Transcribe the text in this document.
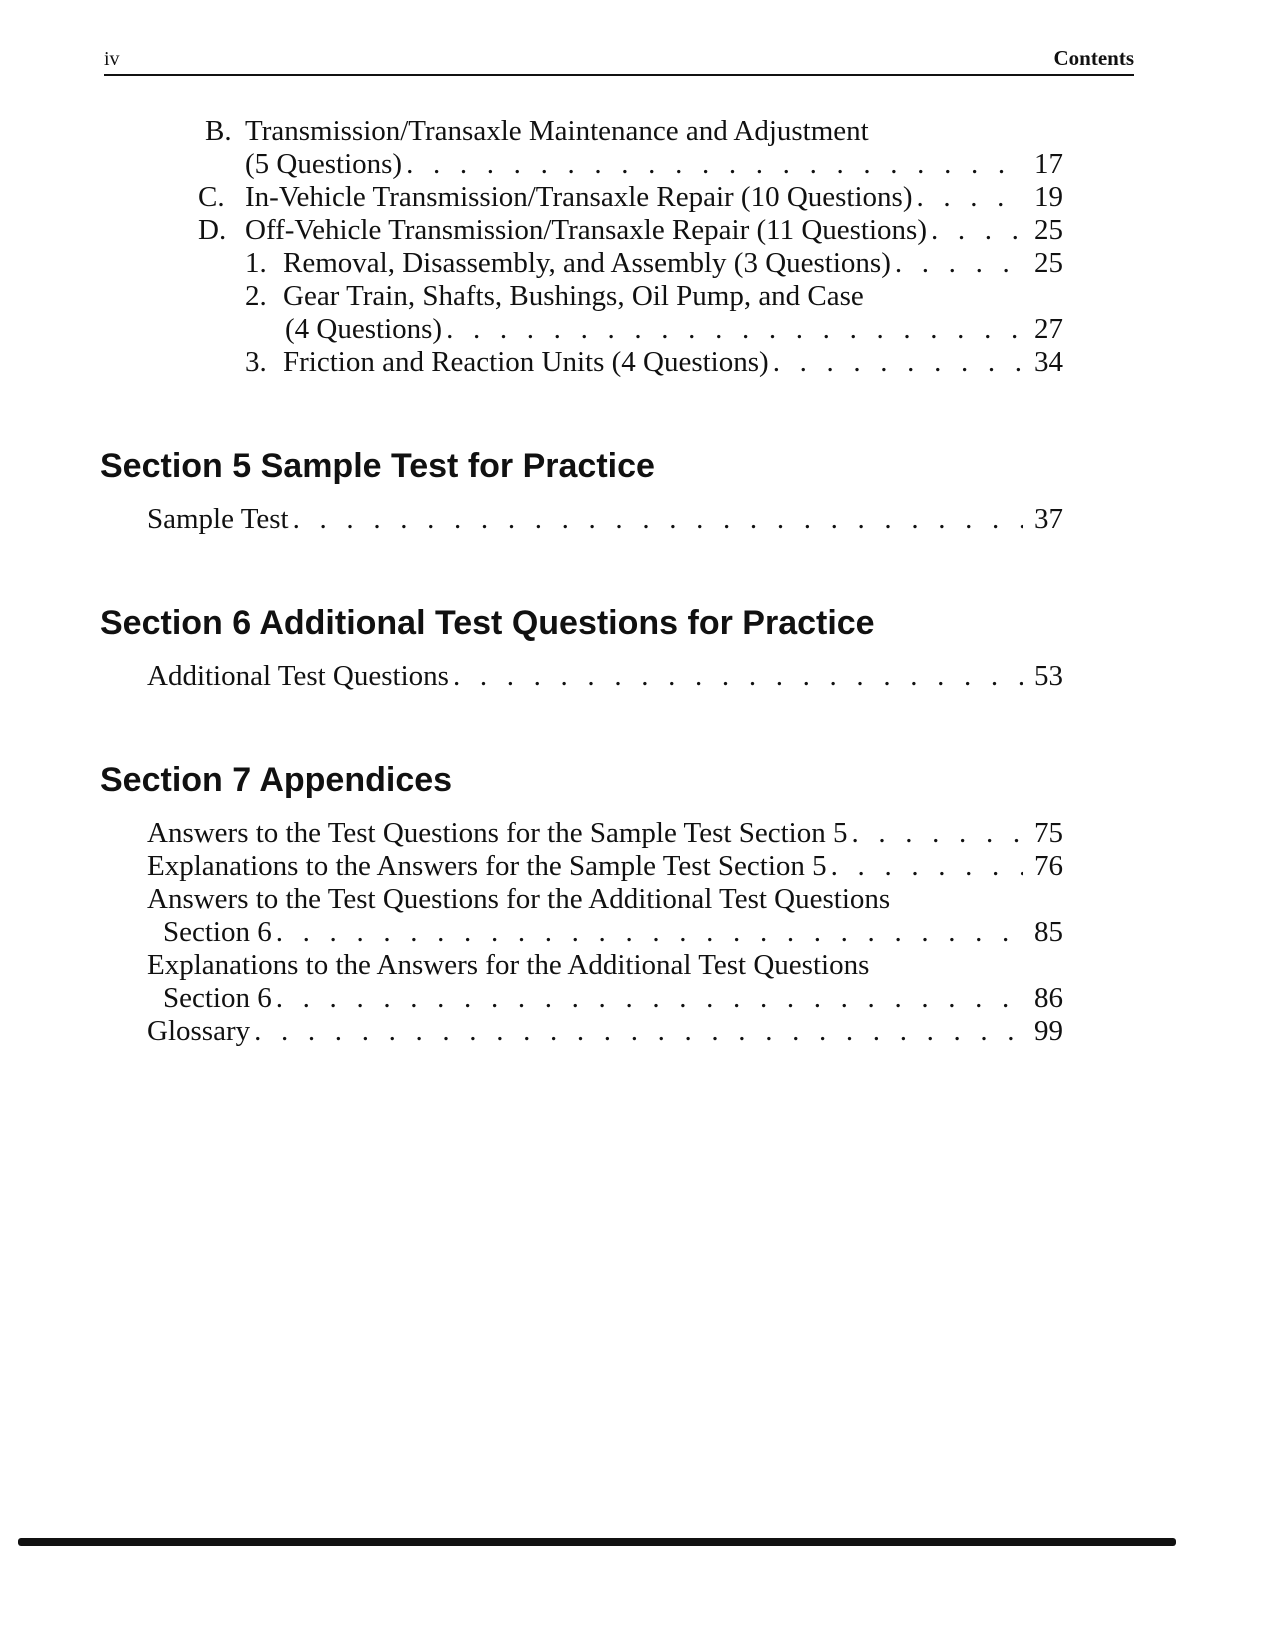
iv	Contents
B. Transmission/Transaxle Maintenance and Adjustment
(5 Questions) . . .	17
C. In-Vehicle Transmission/Transaxle Repair (10 Questions) . . .	19
D. Off-Vehicle Transmission/Transaxle Repair (11 Questions) . . .	25
1. Removal, Disassembly, and Assembly (3 Questions) . . .	25
2. Gear Train, Shafts, Bushings, Oil Pump, and Case
(4 Questions) . . .	27
3. Friction and Reaction Units (4 Questions) . . .	34
Section 5 Sample Test for Practice
Sample Test . . .	37
Section 6 Additional Test Questions for Practice
Additional Test Questions . . .	53
Section 7 Appendices
Answers to the Test Questions for the Sample Test Section 5 . . .	75
Explanations to the Answers for the Sample Test Section 5 . . .	76
Answers to the Test Questions for the Additional Test Questions
Section 6 . . .	85
Explanations to the Answers for the Additional Test Questions
Section 6 . . .	86
Glossary . . .	99
